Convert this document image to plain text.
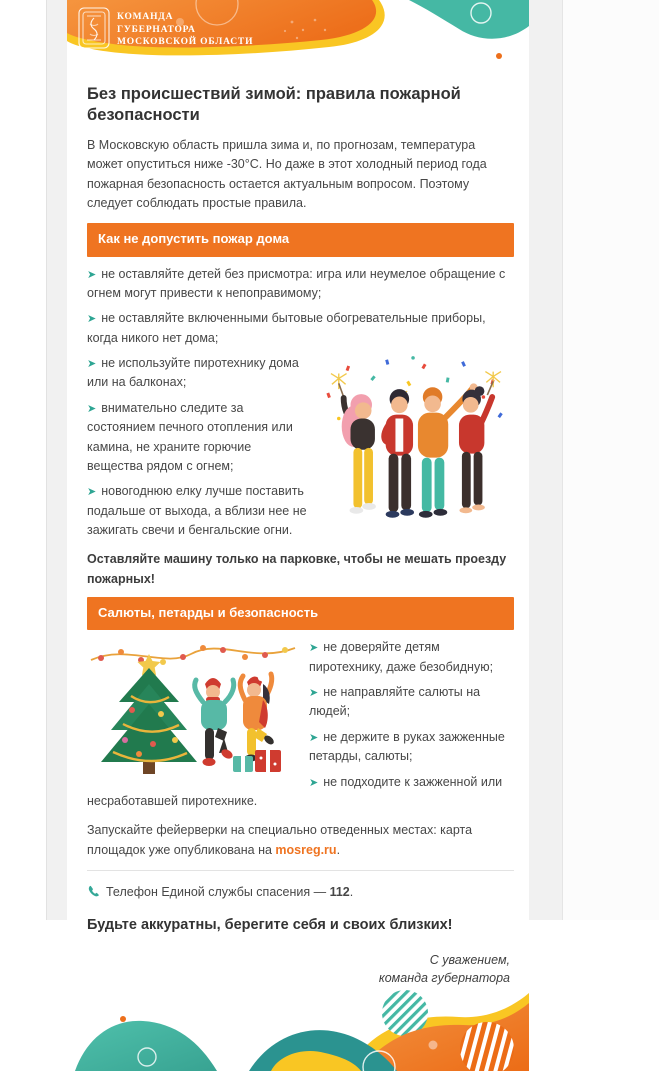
КОМАНДА
ГУБЕРНАТОРА
МОСКОВСКОЙ ОБЛАСТИ
Без происшествий зимой: правила пожарной безопасности

В Московскую область пришла зима и, по прогнозам, температура может опуститься ниже -30°С. Но даже в этот холодный период года пожарная безопасность остается актуальным вопросом. Поэтому следует соблюдать простые правила.

Как не допустить пожар дома

➤ не оставляйте детей без присмотра: игра или неумелое обращение с огнем могут привести к непоправимому;

➤ не оставляйте включенными бытовые обогревательные приборы, когда никого нет дома;

➤ не используйте пиротехнику дома или на балконах;

➤ внимательно следите за состоянием печного отопления или камина, не храните горючие вещества рядом с огнем;

➤ новогоднюю елку лучше поставить подальше от выхода, а вблизи нее не зажигать свечи и бенгальские огни.

Оставляйте машину только на парковке, чтобы не мешать проезду пожарных!

Салюты, петарды и безопасность

➤ не доверяйте детям пиротехнику, даже безобидную;

➤ не направляйте салюты на людей;

➤ не держите в руках зажженные петарды, салюты;

➤ не подходите к зажженной или несработавшей пиротехнике.

Запускайте фейерверки на специально отведенных местах: карта площадок уже опубликована на mosreg.ru.

Телефон Единой службы спасения — 112.

Будьте аккуратны, берегите себя и своих близких!

С уважением,
команда губернатора
